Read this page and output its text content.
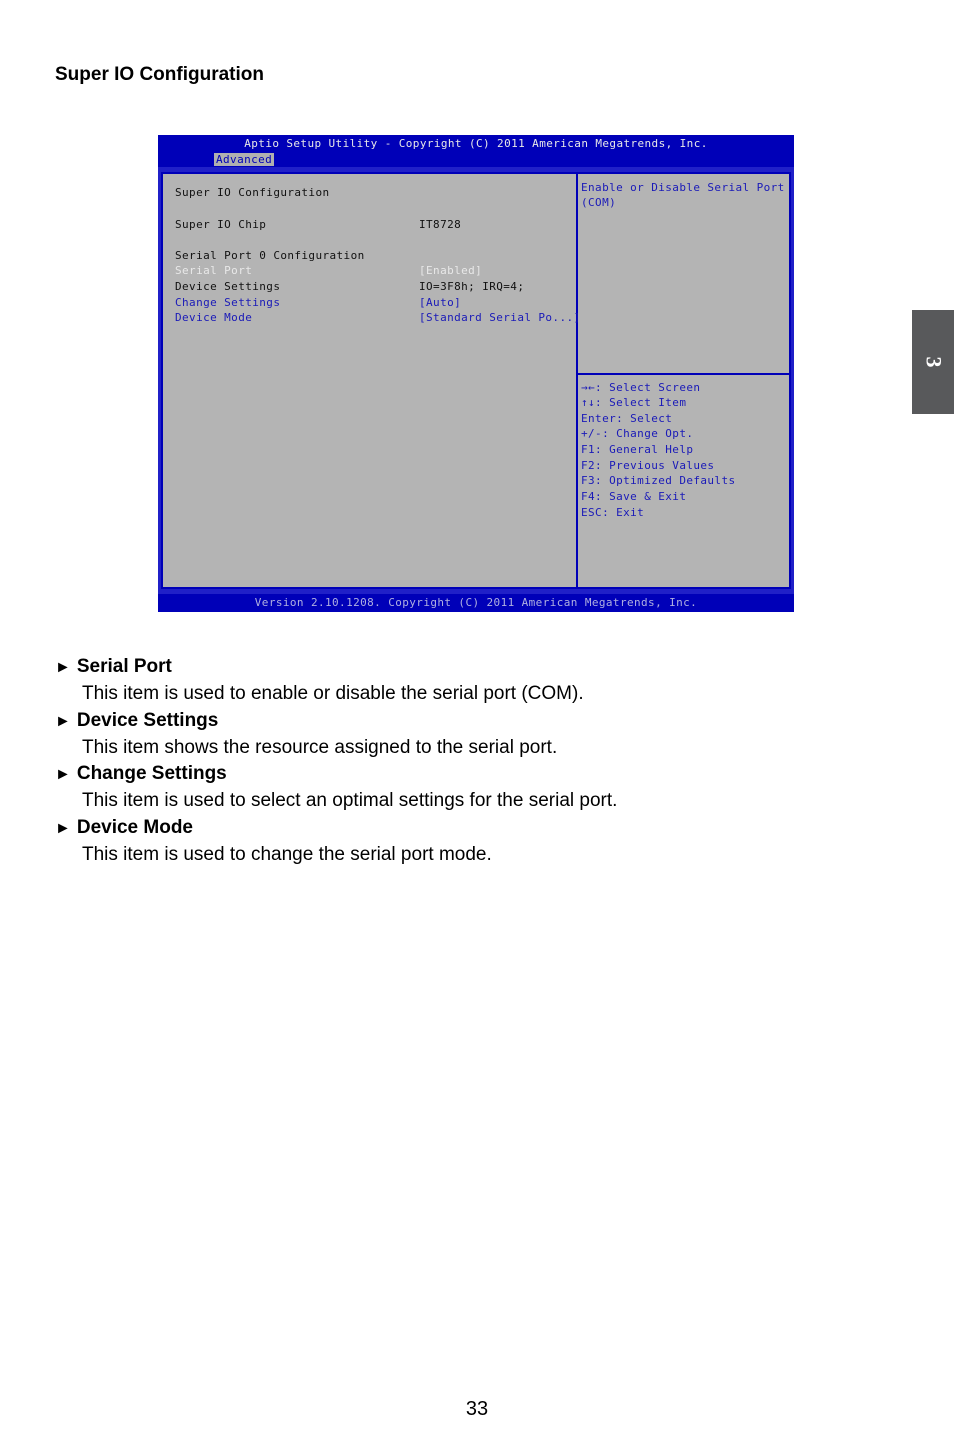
Super IO Configuration
3
Aptio Setup Utility - Copyright (C) 2011 American Megatrends, Inc.
Advanced
Super IO Configuration
Super IO Chip	IT8728
Serial Port 0 Configuration
Serial Port	[Enabled]
Device Settings	IO=3F8h; IRQ=4;
Change Settings	[Auto]
Device Mode	[Standard Serial Po...]
Enable or Disable Serial Port
(COM)
→←: Select Screen
↑↓: Select Item
Enter: Select
+/-: Change Opt.
F1: General Help
F2: Previous Values
F3: Optimized Defaults
F4: Save & Exit
ESC: Exit
Version 2.10.1208. Copyright (C) 2011 American Megatrends, Inc.
► Serial Port
This item is used to enable or disable the serial port (COM).
► Device Settings
This item shows the resource assigned to the serial port.
► Change Settings
This item is used to select an optimal settings for the serial port.
► Device Mode
This item is used to change the serial port mode.
33
